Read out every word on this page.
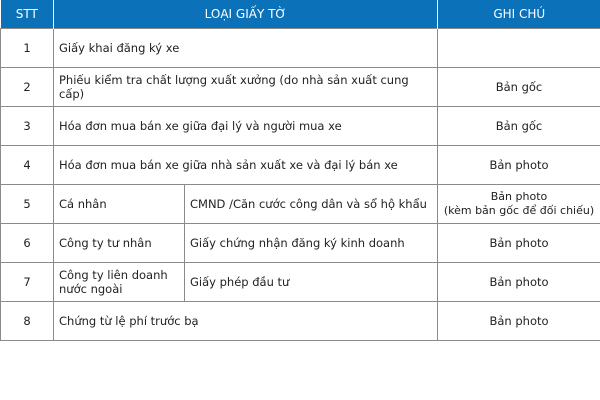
STT	LOẠI GIẤY TỜ		GHI CHÚ
1	Giấy khai đăng ký xe		
2	Phiếu kiểm tra chất lượng xuất xưởng (do nhà sản xuất cung cấp)		Bản gốc
3	Hóa đơn mua bán xe giữa đại lý và người mua xe		Bản gốc
4	Hóa đơn mua bán xe giữa nhà sản xuất xe và đại lý bán xe		Bản photo
5	Cá nhân	CMND /Căn cước công dân và sổ hộ khẩu	Bản photo
(kèm bản gốc để đối chiếu)

6	Công ty tư nhân	Giấy chứng nhận đăng ký kinh doanh	Bản photo
7	Công ty liên doanh nước ngoài	Giấy phép đầu tư	Bản photo
8	Chứng từ lệ phí trước bạ		Bản photo
